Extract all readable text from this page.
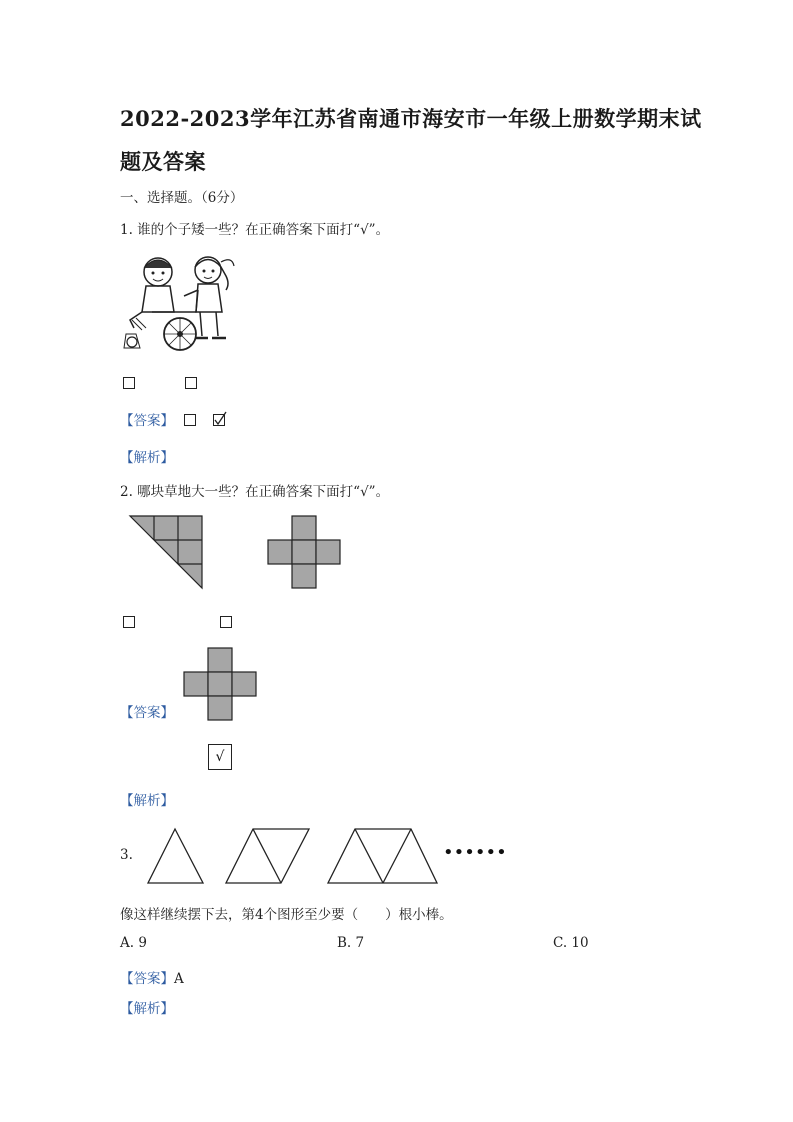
2022-2023学年江苏省南通市海安市一年级上册数学期末试
题及答案
一、选择题。（6分）
1. 谁的个子矮一些？在正确答案下面打“√”。
【答案】
【解析】
2. 哪块草地大一些？在正确答案下面打“√”。
【答案】
√
【解析】
3.	••••••
像这样继续摆下去，第4个图形至少要（　　）根小棒。
A. 9	B. 7	C. 10
【答案】A
【解析】
